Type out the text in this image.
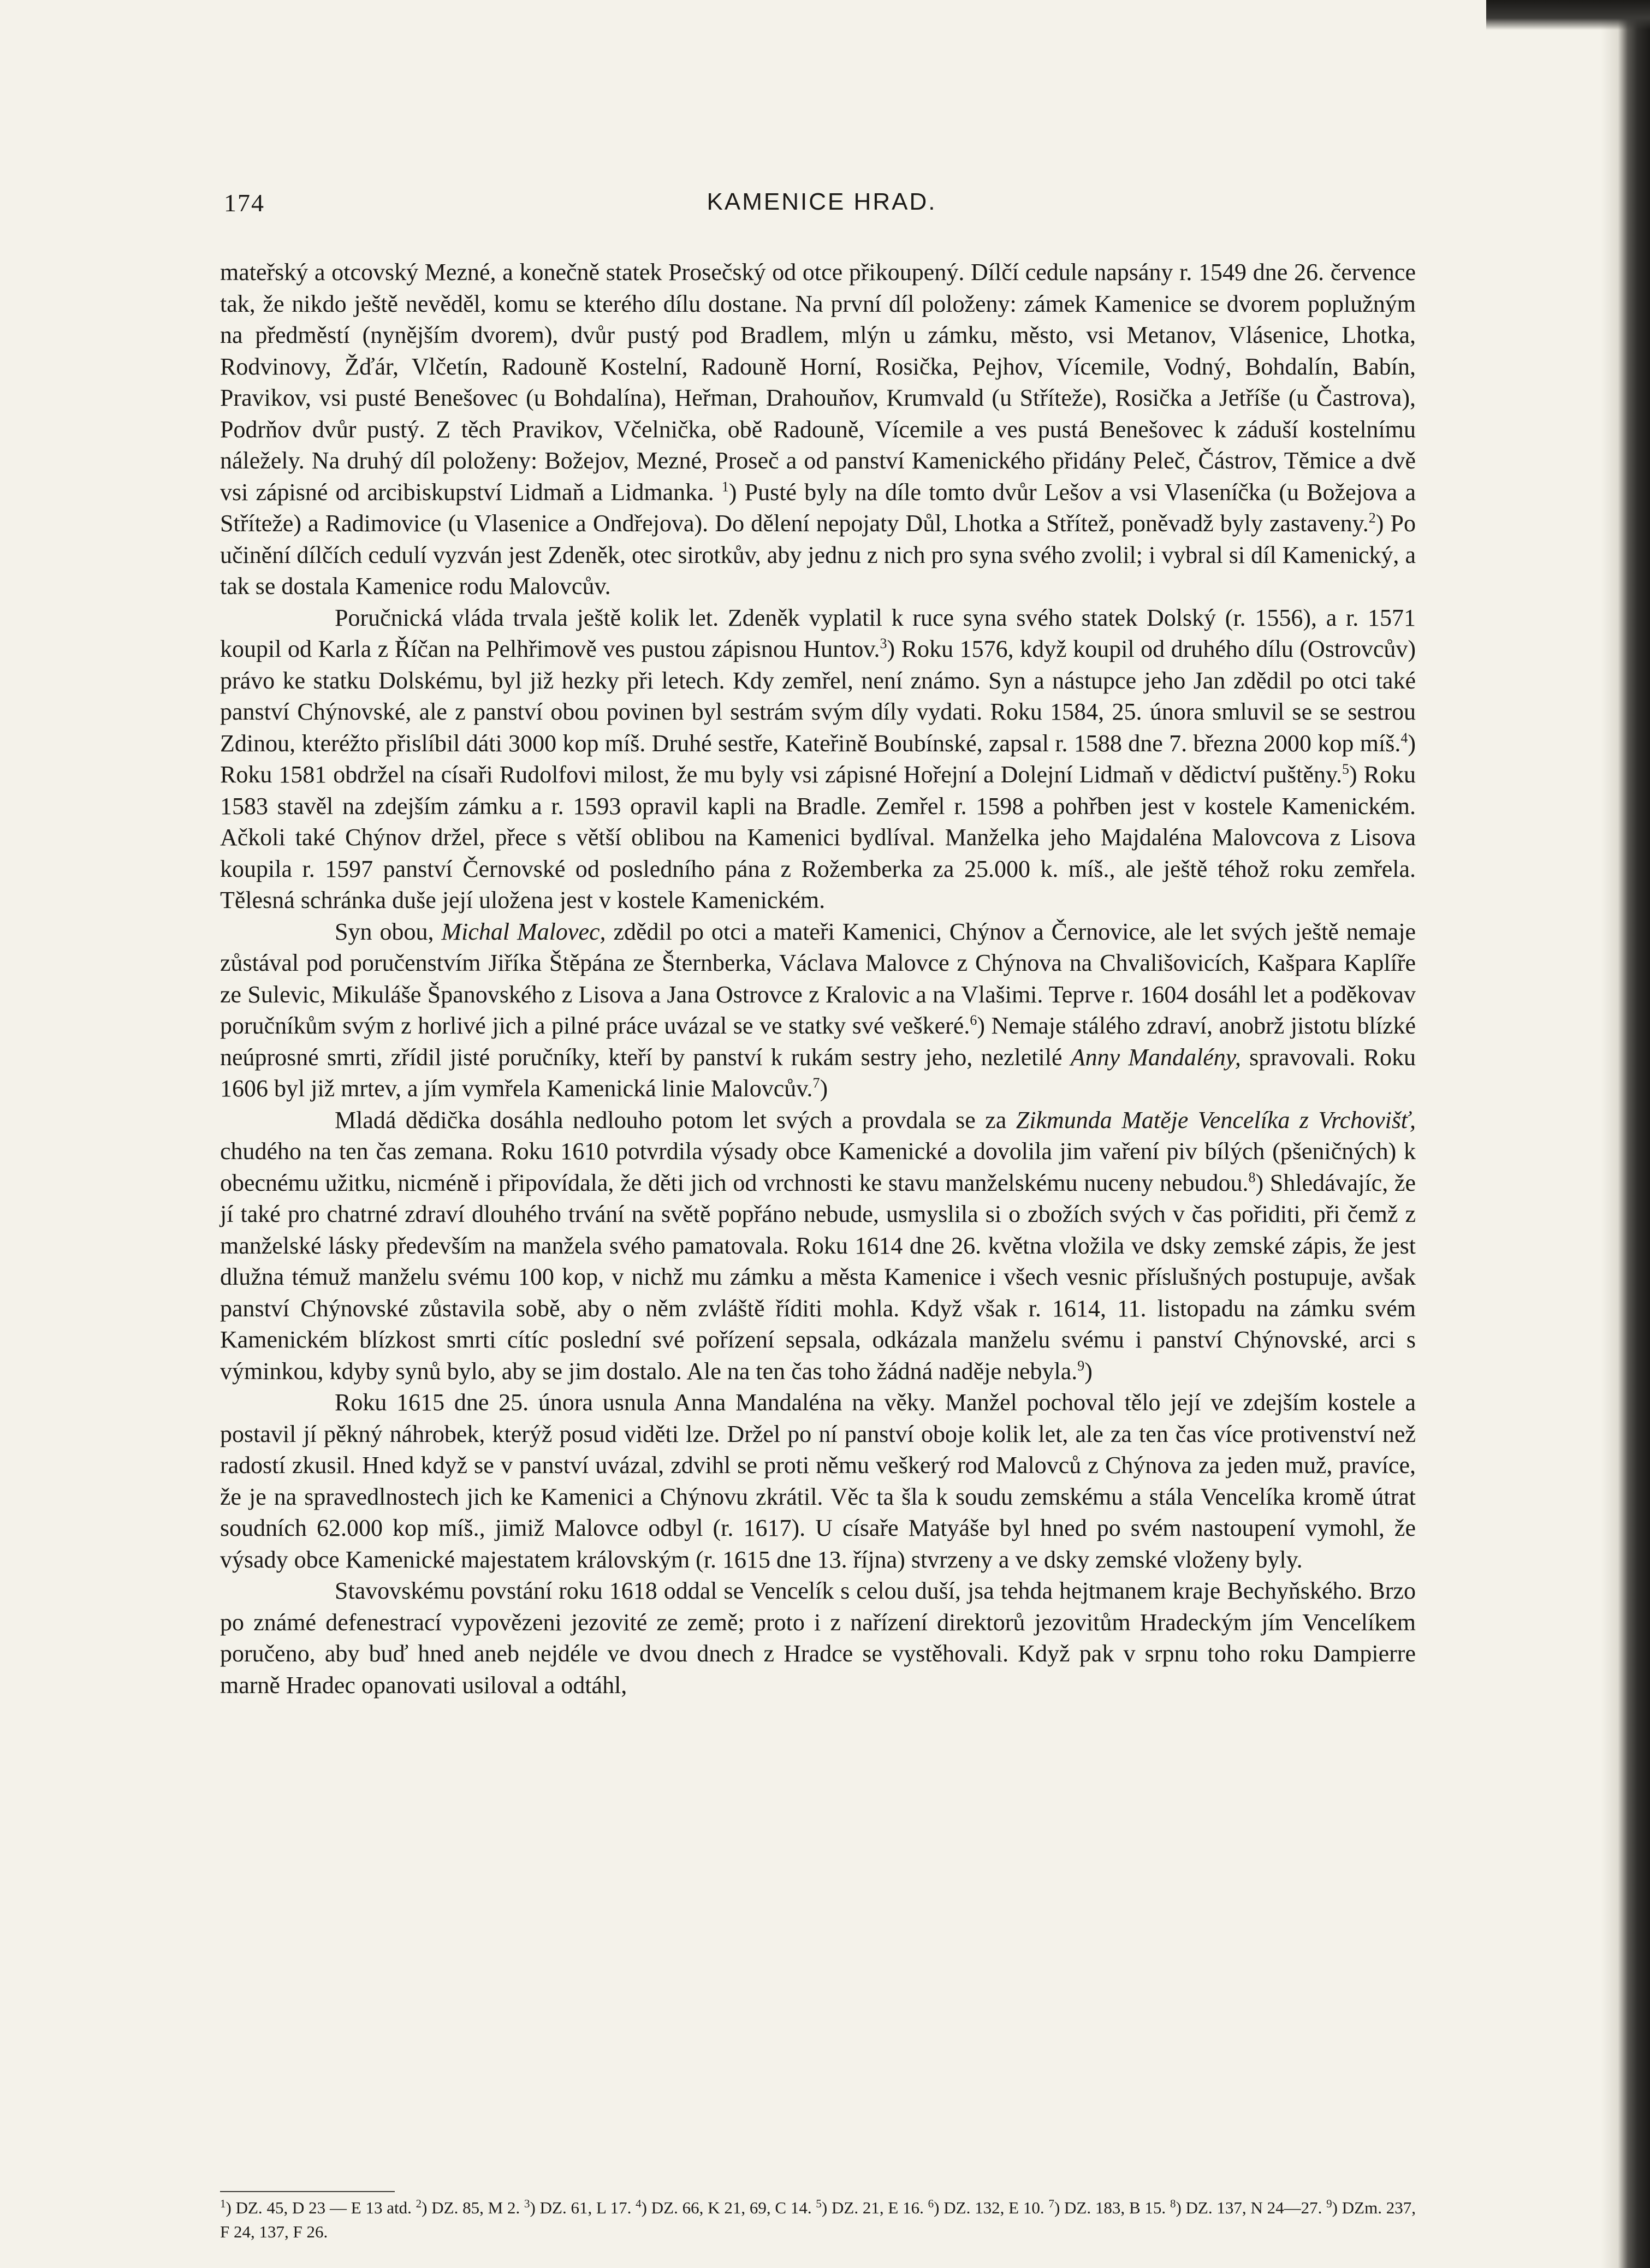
174	KAMENICE HRAD.

mateřský a otcovský Mezné, a konečně statek Prosečský od otce přikoupený. Dílčí cedule napsány r. 1549 dne 26. července tak, že nikdo ještě nevěděl, komu se kterého dílu dostane. Na první díl položeny: zámek Kamenice se dvorem poplužným na předměstí (nynějším dvorem), dvůr pustý pod Bradlem, mlýn u zámku, město, vsi Metanov, Vlásenice, Lhotka, Rodvinovy, Žďár, Vlčetín, Radouně Kostelní, Radouně Horní, Rosička, Pejhov, Vícemile, Vodný, Bohdalín, Babín, Pravikov, vsi pusté Benešovec (u Bohdalína), Heřman, Drahouňov, Krumvald (u Stříteže), Rosička a Jetříše (u Častrova), Podrňov dvůr pustý. Z těch Pravikov, Včelnička, obě Radouně, Vícemile a ves pustá Benešovec k záduší kostelnímu náležely. Na druhý díl položeny: Božejov, Mezné, Proseč a od panství Kamenického přidány Peleč, Částrov, Těmice a dvě vsi zápisné od arcibiskupství Lidmaň a Lidmanka. $^1$) Pusté byly na díle tomto dvůr Lešov a vsi Vlaseníčka (u Božejova a Stříteže) a Radimovice (u Vlasenice a Ondřejova). Do dělení nepojaty Důl, Lhotka a Střítež, poněvadž byly zastaveny.$^2$) Po učinění dílčích cedulí vyzván jest Zdeněk, otec sirotkův, aby jednu z nich pro syna svého zvolil; i vybral si díl Kamenický, a tak se dostala Kamenice rodu Malovcův.

Poručnická vláda trvala ještě kolik let. Zdeněk vyplatil k ruce syna svého statek Dolský (r. 1556), a r. 1571 koupil od Karla z Říčan na Pelhřimově ves pustou zápisnou Huntov.$^3$) Roku 1576, když koupil od druhého dílu (Ostrovcův) právo ke statku Dolskému, byl již hezky při letech. Kdy zemřel, není známo. Syn a nástupce jeho Jan zdědil po otci také panství Chýnovské, ale z panství obou povinen byl sestrám svým díly vydati. Roku 1584, 25. února smluvil se se sestrou Zdinou, kteréžto přislíbil dáti 3000 kop míš. Druhé sestře, Kateřině Boubínské, zapsal r. 1588 dne 7. března 2000 kop míš.$^4$) Roku 1581 obdržel na císaři Rudolfovi milost, že mu byly vsi zápisné Hořejní a Dolejní Lidmaň v dědictví puštěny.$^5$) Roku 1583 stavěl na zdejším zámku a r. 1593 opravil kapli na Bradle. Zemřel r. 1598 a pohřben jest v kostele Kamenickém. Ačkoli také Chýnov držel, přece s větší oblibou na Kamenici bydlíval. Manželka jeho Majdaléna Malovcova z Lisova koupila r. 1597 panství Černovské od posledního pána z Rožemberka za 25.000 k. míš., ale ještě téhož roku zemřela. Tělesná schránka duše její uložena jest v kostele Kamenickém.

Syn obou, Michal Malovec, zdědil po otci a mateři Kamenici, Chýnov a Černovice, ale let svých ještě nemaje zůstával pod poručenstvím Jiříka Štěpána ze Šternberka, Václava Malovce z Chýnova na Chvališovicích, Kašpara Kaplíře ze Sulevic, Mikuláše Španovského z Lisova a Jana Ostrovce z Kralovic a na Vlašimi. Teprve r. 1604 dosáhl let a poděkovav poručníkům svým z horlivé jich a pilné práce uvázal se ve statky své veškeré.$^6$) Nemaje stálého zdraví, anobrž jistotu blízké neúprosné smrti, zřídil jisté poručníky, kteří by panství k rukám sestry jeho, nezletilé Anny Mandalény, spravovali. Roku 1606 byl již mrtev, a jím vymřela Kamenická linie Malovcův.$^7$)

Mladá dědička dosáhla nedlouho potom let svých a provdala se za Zikmunda Matěje Vencelíka z Vrchovišť, chudého na ten čas zemana. Roku 1610 potvrdila výsady obce Kamenické a dovolila jim vaření piv bílých (pšeničných) k obecnému užitku, nicméně i připovídala, že děti jich od vrchnosti ke stavu manželskému nuceny nebudou.$^8$) Shledávajíc, že jí také pro chatrné zdraví dlouhého trvání na světě popřáno nebude, usmyslila si o zbožích svých v čas pořiditi, při čemž z manželské lásky především na manžela svého pamatovala. Roku 1614 dne 26. května vložila ve dsky zemské zápis, že jest dlužna témuž manželu svému 100 kop, v nichž mu zámku a města Kamenice i všech vesnic příslušných postupuje, avšak panství Chýnovské zůstavila sobě, aby o něm zvláště říditi mohla. Když však r. 1614, 11. listopadu na zámku svém Kamenickém blízkost smrti cítíc poslední své pořízení sepsala, odkázala manželu svému i panství Chýnovské, arci s výminkou, kdyby synů bylo, aby se jim dostalo. Ale na ten čas toho žádná naděje nebyla.$^9$)

Roku 1615 dne 25. února usnula Anna Mandaléna na věky. Manžel pochoval tělo její ve zdejším kostele a postavil jí pěkný náhrobek, kterýž posud viděti lze. Držel po ní panství oboje kolik let, ale za ten čas více protivenství než radostí zkusil. Hned když se v panství uvázal, zdvihl se proti němu veškerý rod Malovců z Chýnova za jeden muž, pravíce, že je na spravedlnostech jich ke Kamenici a Chýnovu zkrátil. Věc ta šla k soudu zemskému a stála Vencelíka kromě útrat soudních 62.000 kop míš., jimiž Malovce odbyl (r. 1617). U císaře Matyáše byl hned po svém nastoupení vymohl, že výsady obce Kamenické majestatem královským (r. 1615 dne 13. října) stvrzeny a ve dsky zemské vloženy byly.

Stavovskému povstání roku 1618 oddal se Vencelík s celou duší, jsa tehda hejtmanem kraje Bechyňského. Brzo po známé defenestrací vypovězeni jezovité ze země; proto i z nařízení direktorů jezovitům Hradeckým jím Vencelíkem poručeno, aby buď hned aneb nejdéle ve dvou dnech z Hradce se vystěhovali. Když pak v srpnu toho roku Dampierre marně Hradec opanovati usiloval a odtáhl,

$^1$) DZ. 45, D 23 — E 13 atd. $^2$) DZ. 85, M 2. $^3$) DZ. 61, L 17. $^4$) DZ. 66, K 21, 69, C 14. $^5$) DZ. 21, E 16. $^6$) DZ. 132, E 10. $^7$) DZ. 183, B 15. $^8$) DZ. 137, N 24—27. $^9$) DZm. 237, F 24, 137, F 26.
